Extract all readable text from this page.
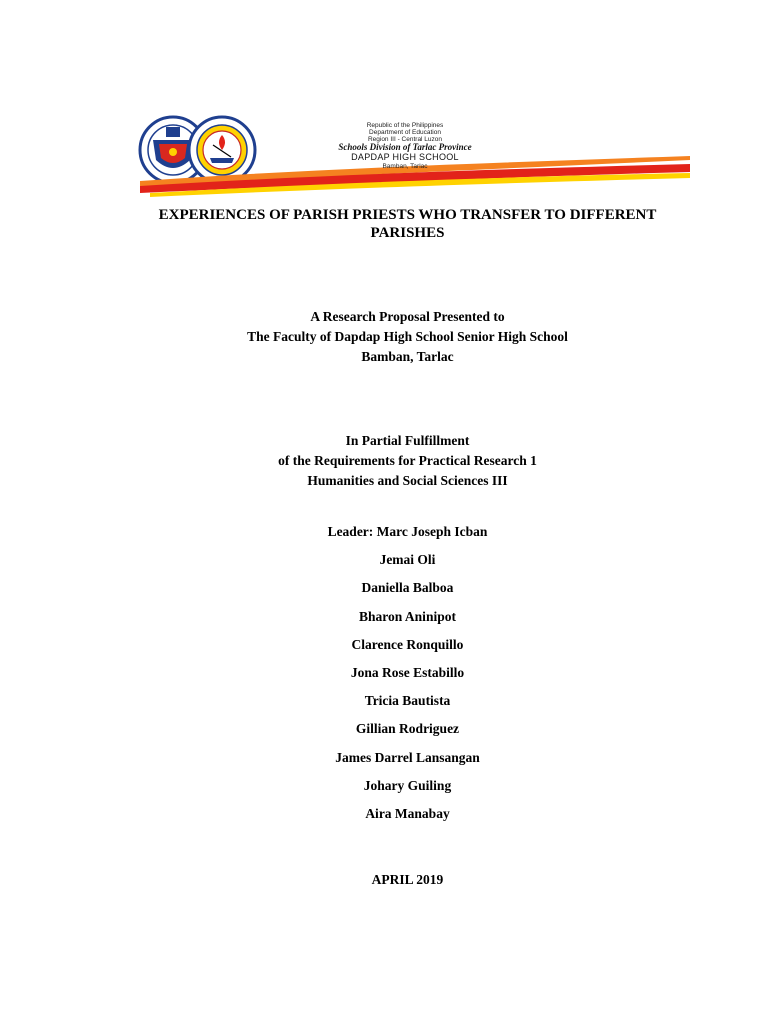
Republic of the Philippines
Department of Education
Region III - Central Luzon
Schools Division of Tarlac Province
DAPDAP HIGH SCHOOL
Bamban, Tarlac
EXPERIENCES OF PARISH PRIESTS WHO TRANSFER TO DIFFERENT
PARISHES
A Research Proposal Presented to
The Faculty of Dapdap High School Senior High School
Bamban, Tarlac
In Partial Fulfillment
of the Requirements for Practical Research 1
Humanities and Social Sciences III
Leader: Marc Joseph Icban
Jemai Oli
Daniella Balboa
Bharon Aninipot
Clarence Ronquillo
Jona Rose Estabillo
Tricia Bautista
Gillian Rodriguez
James Darrel Lansangan
Johary Guiling
Aira Manabay
APRIL 2019
